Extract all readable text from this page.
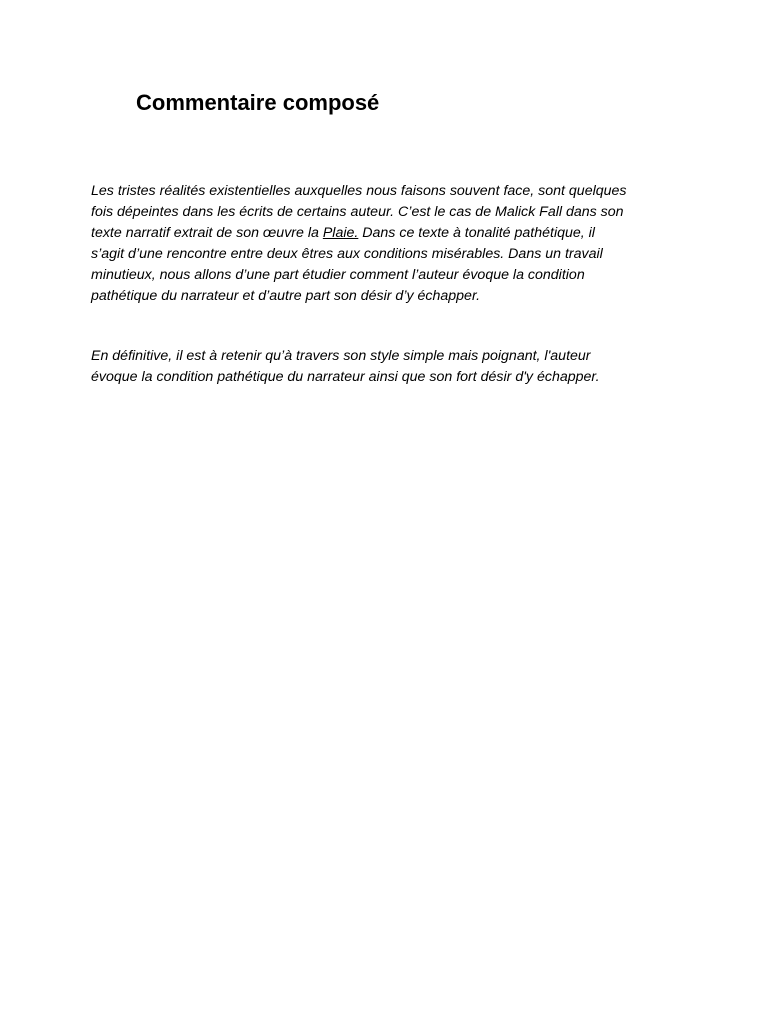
Commentaire composé

Les tristes réalités existentielles auxquelles nous faisons souvent face, sont quelques
fois dépeintes dans les écrits de certains auteur. C’est le cas de Malick Fall dans son
texte narratif extrait de son œuvre la Plaie. Dans ce texte à tonalité pathétique, il
s’agit d’une rencontre entre deux êtres aux conditions misérables. Dans un travail
minutieux, nous allons d’une part étudier comment l’auteur évoque la condition
pathétique du narrateur et d’autre part son désir d’y échapper.

En définitive, il est à retenir qu’à travers son style simple mais poignant, l'auteur
évoque la condition pathétique du narrateur ainsi que son fort désir d'y échapper.
